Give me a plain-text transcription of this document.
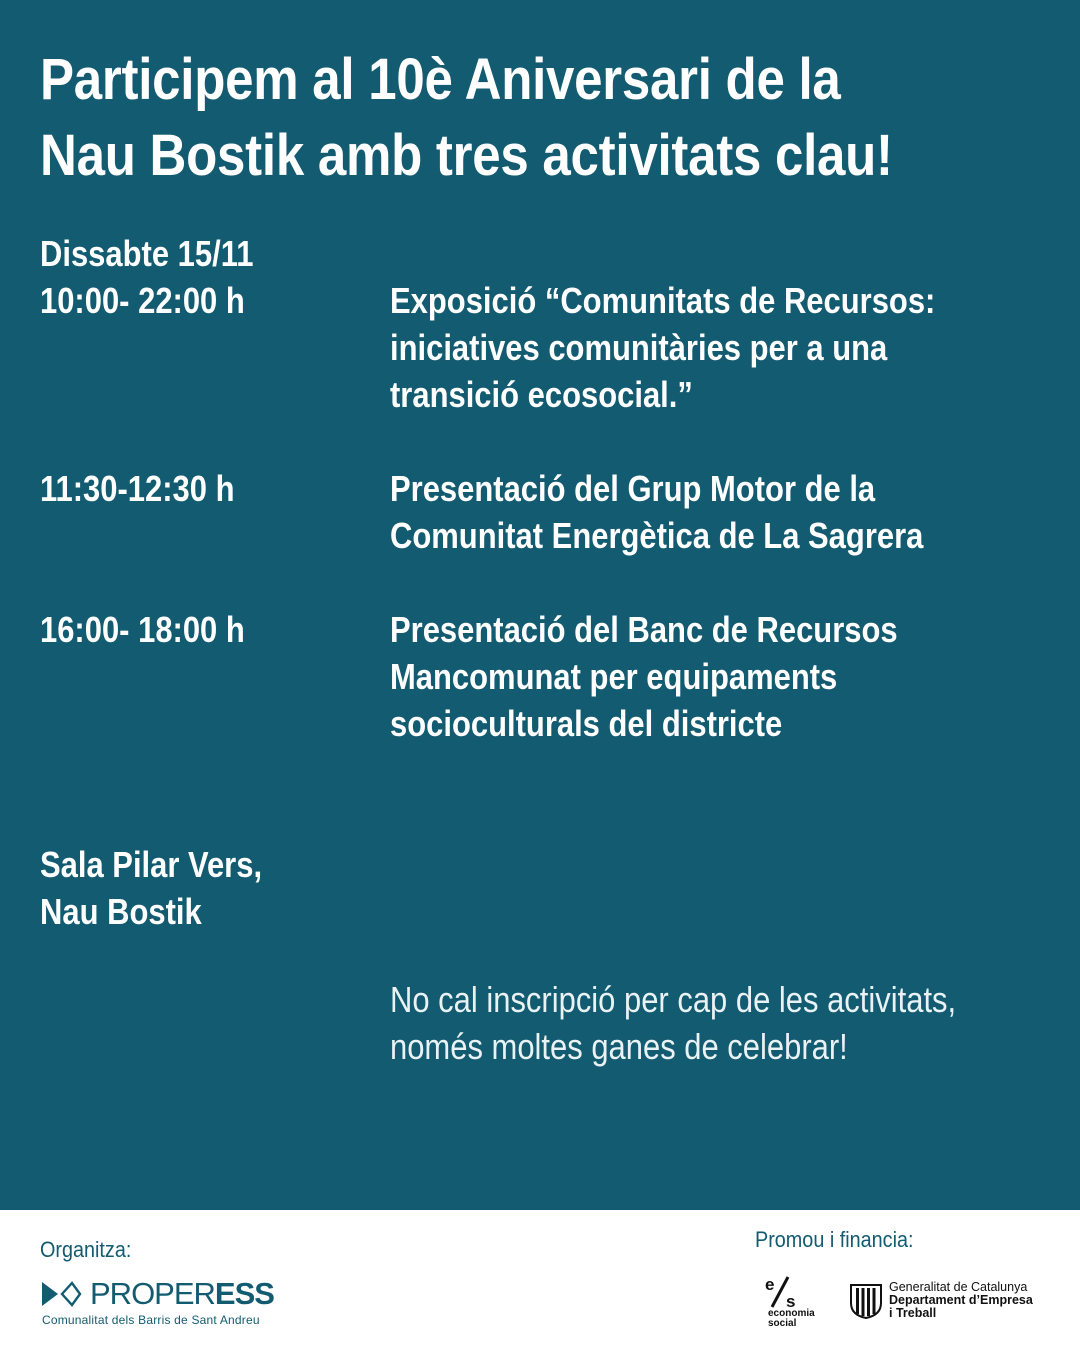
Participem al 10è Aniversari de la Nau Bostik amb tres activitats clau!
Dissabte 15/11
10:00- 22:00 h	Exposició “Comunitats de Recursos: iniciatives comunitàries per a una transició ecosocial.”
11:30-12:30 h	Presentació del Grup Motor de la Comunitat Energètica de La Sagrera
16:00- 18:00 h	Presentació del Banc de Recursos Mancomunat per equipaments socioculturals del districte
Sala Pilar Vers,
Nau Bostik
No cal inscripció per cap de les activitats, només moltes ganes de celebrar!
Organitza:
PROPERESS
Comunalitat dels Barris de Sant Andreu
Promou i financia:
e
s
economia
social
Generalitat de Catalunya
Departament d’Empresa
i Treball
